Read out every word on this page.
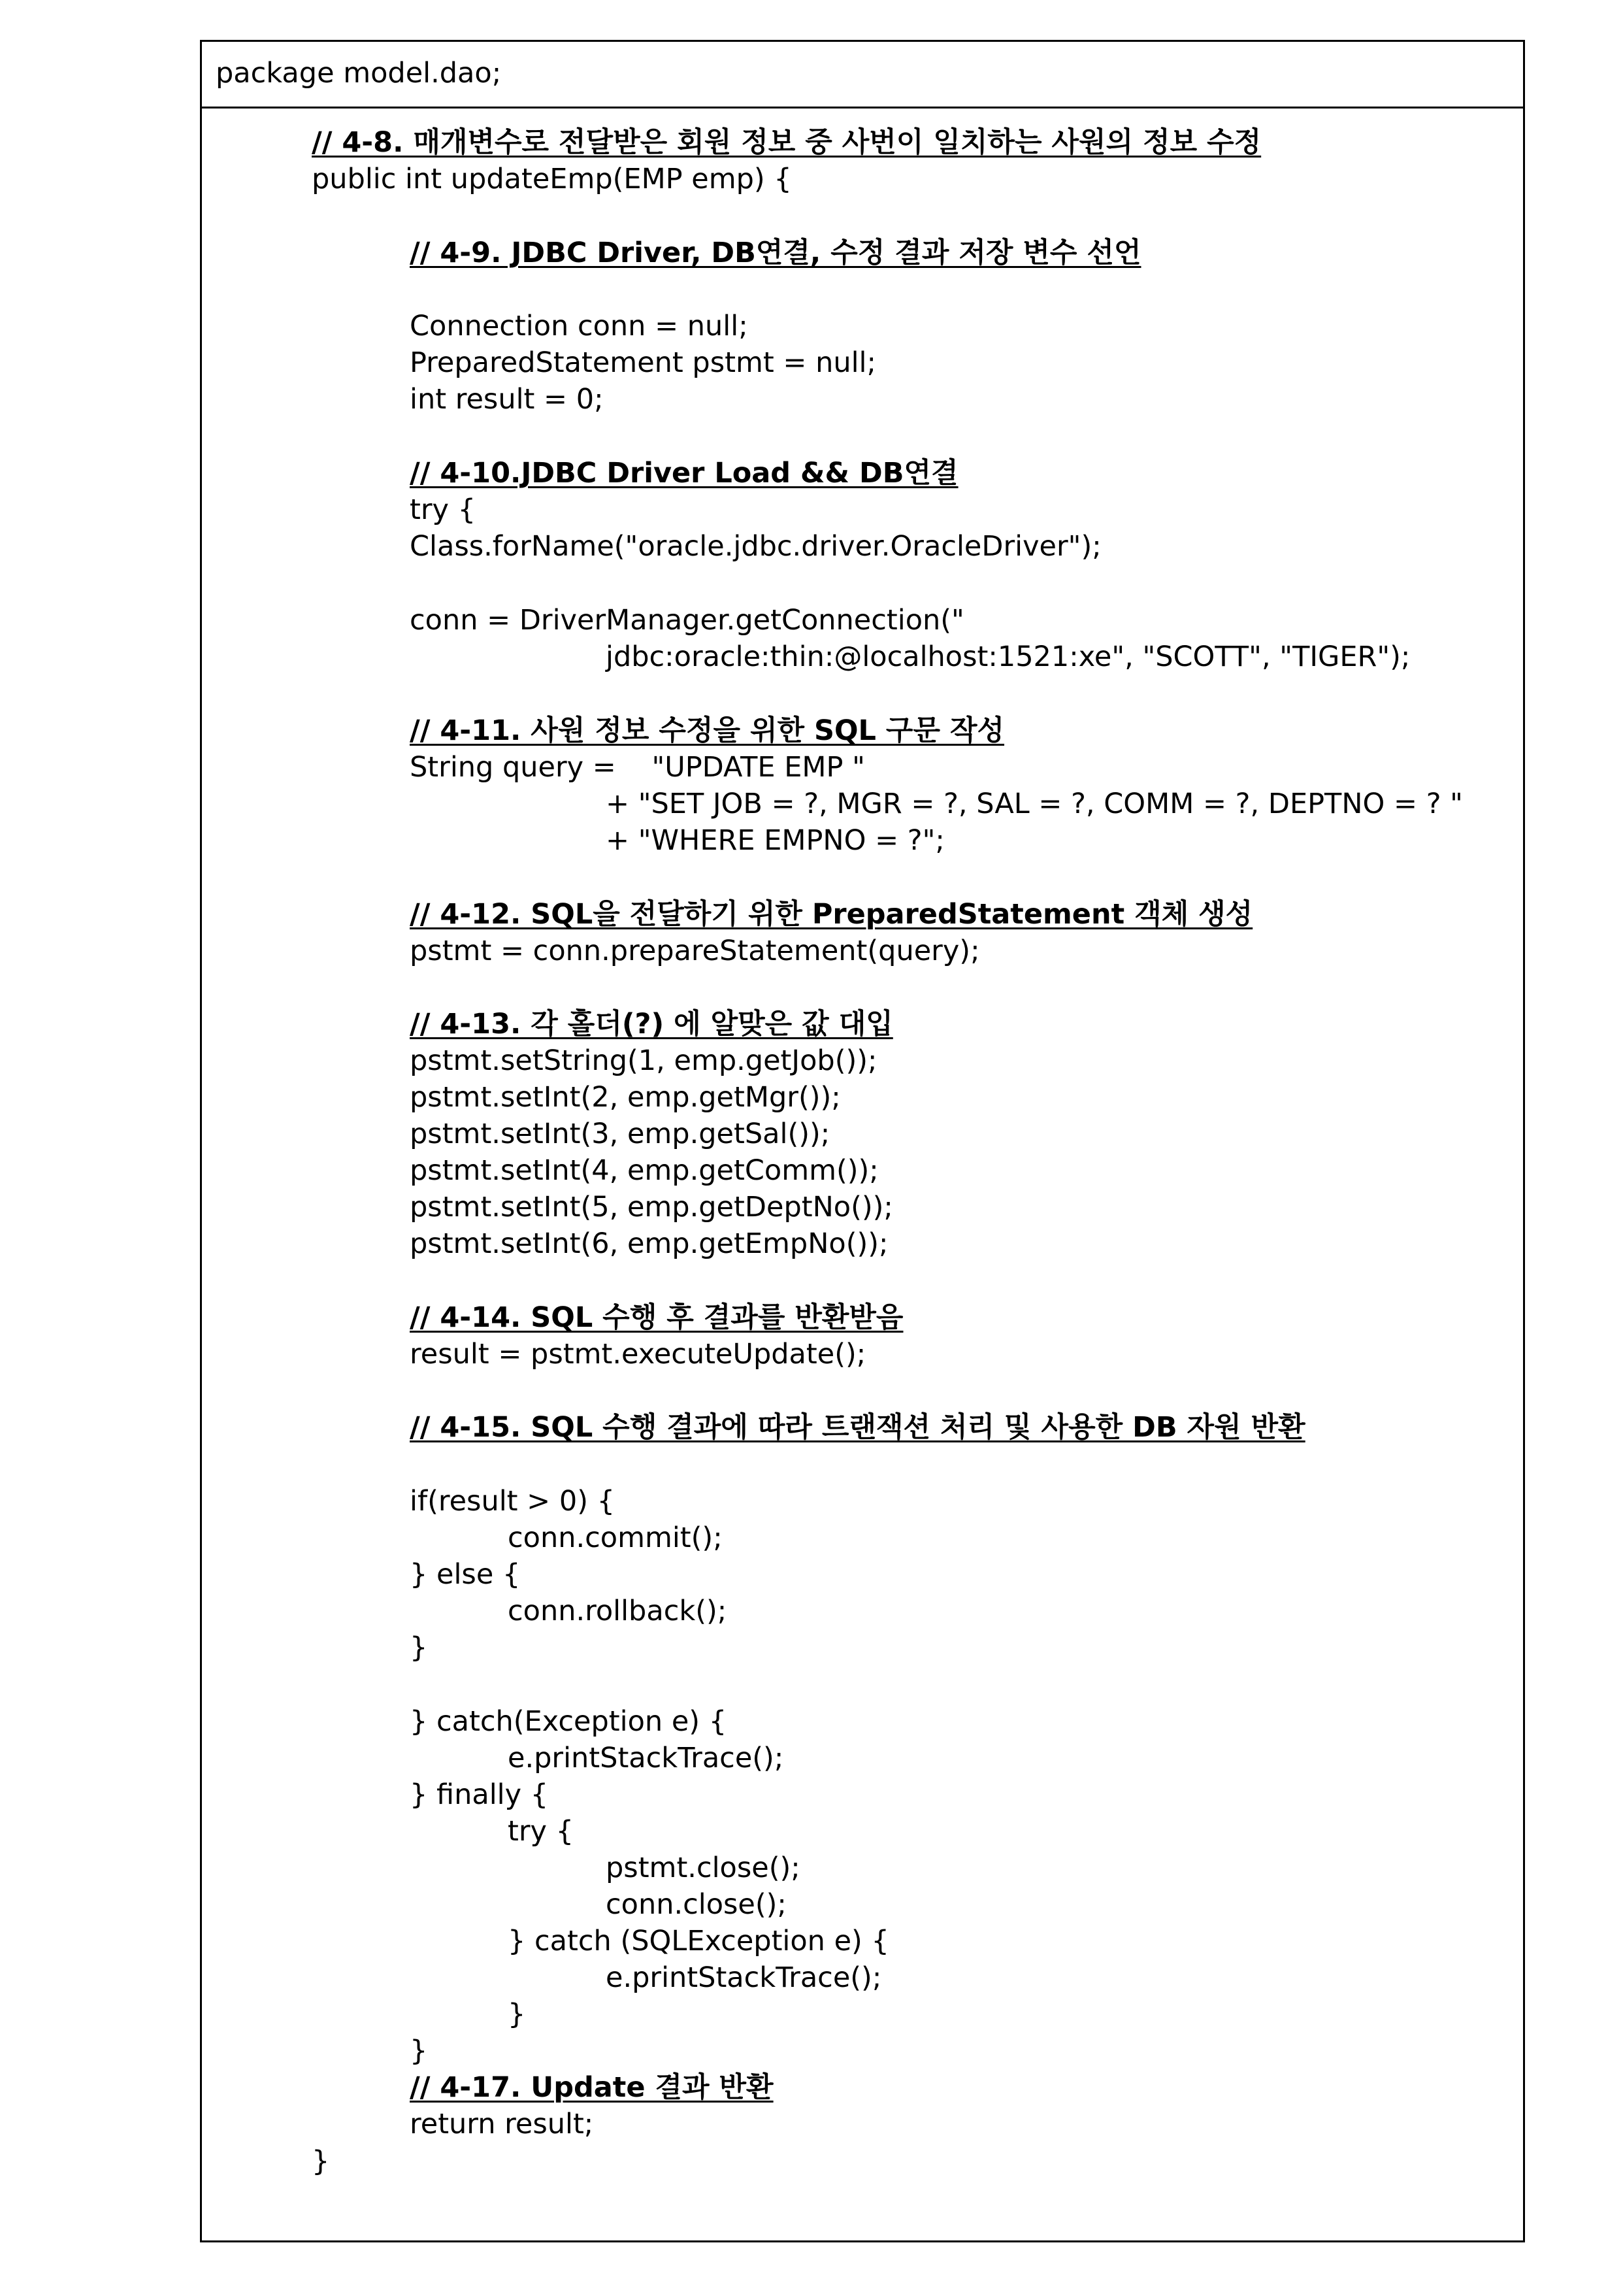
package model.dao;
// 4-8. 매개변수로 전달받은 회원 정보 중 사번이 일치하는 사원의 정보 수정
public int updateEmp(EMP emp) {
// 4-9. JDBC Driver, DB연결, 수정 결과 저장 변수 선언
Connection conn = null;
PreparedStatement pstmt = null;
int result = 0;
// 4-10.JDBC Driver Load && DB연결
try {
Class.forName("oracle.jdbc.driver.OracleDriver");
conn = DriverManager.getConnection("
jdbc:oracle:thin:@localhost:1521:xe", "SCOTT", "TIGER");
// 4-11. 사원 정보 수정을 위한 SQL 구문 작성
String query =    "UPDATE EMP "
+ "SET JOB = ?, MGR = ?, SAL = ?, COMM = ?, DEPTNO = ? "
+ "WHERE EMPNO = ?";
// 4-12. SQL을 전달하기 위한 PreparedStatement 객체 생성
pstmt = conn.prepareStatement(query);
// 4-13. 각 홀더(?) 에 알맞은 값 대입
pstmt.setString(1, emp.getJob());
pstmt.setInt(2, emp.getMgr());
pstmt.setInt(3, emp.getSal());
pstmt.setInt(4, emp.getComm());
pstmt.setInt(5, emp.getDeptNo());
pstmt.setInt(6, emp.getEmpNo());
// 4-14. SQL 수행 후 결과를 반환받음
result = pstmt.executeUpdate();
// 4-15. SQL 수행 결과에 따라 트랜잭션 처리 및 사용한 DB 자원 반환
if(result > 0) {
conn.commit();
} else {
conn.rollback();
}
} catch(Exception e) {
e.printStackTrace();
} finally {
try {
pstmt.close();
conn.close();
} catch (SQLException e) {
e.printStackTrace();
}
}
// 4-17. Update 결과 반환
return result;
}
